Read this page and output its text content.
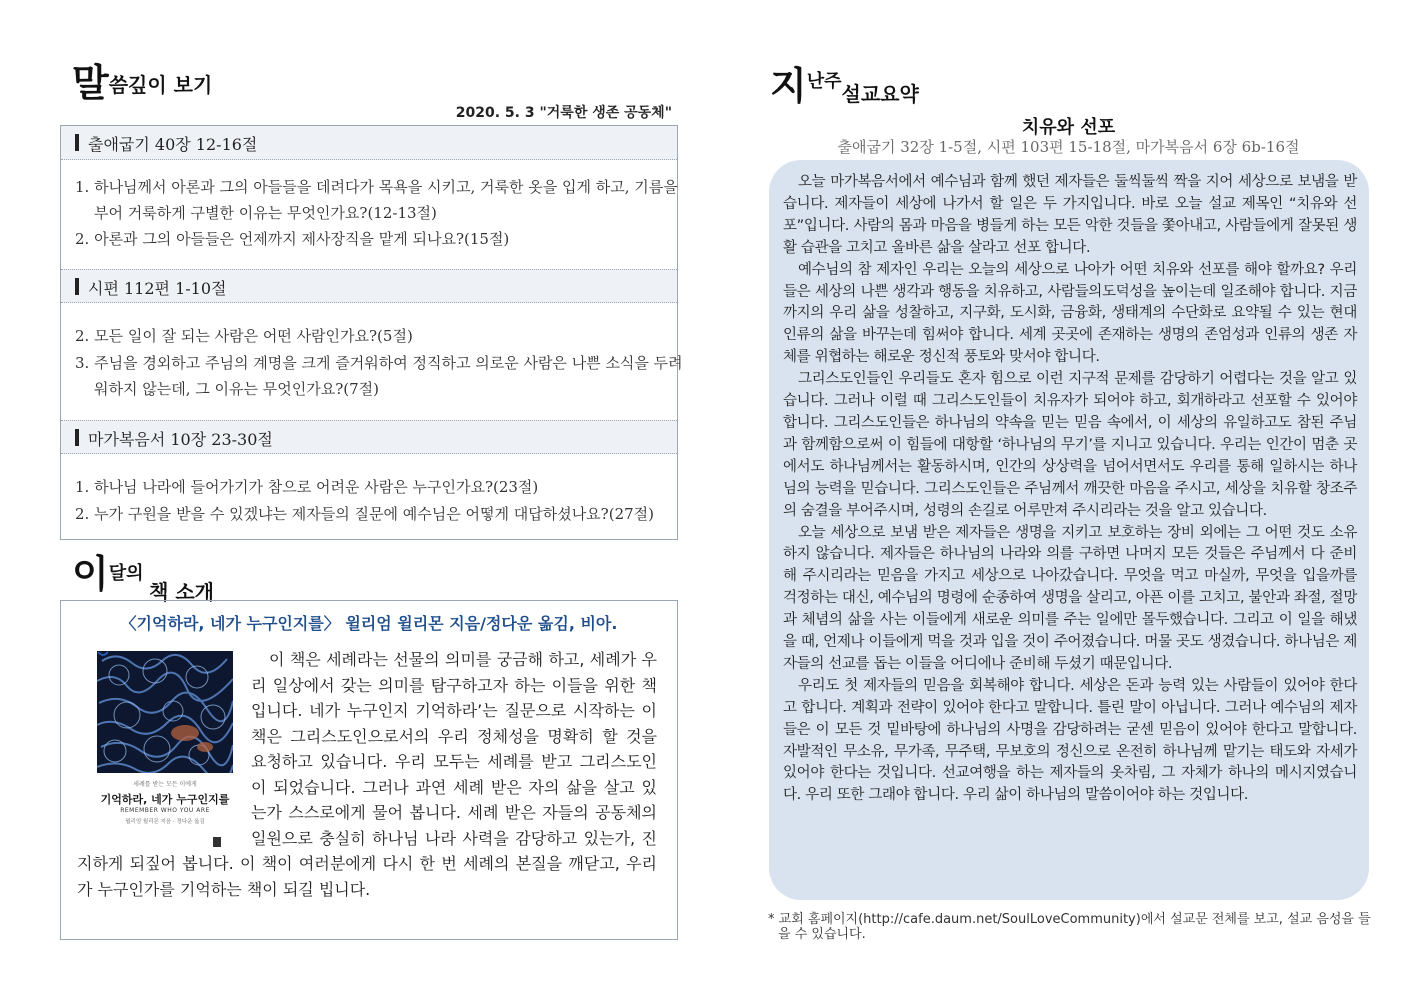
말씀깊이 보기
2020. 5. 3 "거룩한 생존 공동체"
출애굽기 40장 12-16절
1. 하나님께서 아론과 그의 아들들을 데려다가 목욕을 시키고, 거룩한 옷을 입게 하고, 기름을 부어 거룩하게 구별한 이유는 무엇인가요?(12-13절)
2. 아론과 그의 아들들은 언제까지 제사장직을 맡게 되나요?(15절)
시편 112편 1-10절
2. 모든 일이 잘 되는 사람은 어떤 사람인가요?(5절)
3. 주님을 경외하고 주님의 계명을 크게 즐거워하여 정직하고 의로운 사람은 나쁜 소식을 두려워하지 않는데, 그 이유는 무엇인가요?(7절)
마가복음서 10장 23-30절
1. 하나님 나라에 들어가기가 참으로 어려운 사람은 누구인가요?(23절)
2. 누가 구원을 받을 수 있겠냐는 제자들의 질문에 예수님은 어떻게 대답하셨나요?(27절)
이달의 책 소개
〈기억하라, 네가 누구인지를〉 윌리엄 윌리몬 지음/정다운 옮김, 비아.
세례를 받는 모든 이에게
기억하라, 네가 누구인지를
REMEMBER WHO YOU ARE
윌리엄 윌리몬 지음 · 정다운 옮김
이 책은 세례라는 선물의 의미를 궁금해 하고, 세례가 우리 일상에서 갖는 의미를 탐구하고자 하는 이들을 위한 책입니다. 네가 누구인지 기억하라’는 질문으로 시작하는 이 책은 그리스도인으로서의 우리 정체성을 명확히 할 것을 요청하고 있습니다. 우리 모두는 세례를 받고 그리스도인이 되었습니다. 그러나 과연 세례 받은 자의 삶을 살고 있는가 스스로에게 물어 봅니다. 세례 받은 자들의 공동체의 일원으로 충실히 하나님 나라 사력을 감당하고 있는가, 진지하게 되짚어 봅니다. 이 책이 여러분에게 다시 한 번 세례의 본질을 깨닫고, 우리가 누구인가를 기억하는 책이 되길 빕니다.
지난주설교요약
치유와 선포
출애굽기 32장 1-5절, 시편 103편 15-18절, 마가복음서 6장 6b-16절

오늘 마가복음서에서 예수님과 함께 했던 제자들은 둘씩둘씩 짝을 지어 세상으로 보냄을 받습니다. 제자들이 세상에 나가서 할 일은 두 가지입니다. 바로 오늘 설교 제목인 “치유와 선포”입니다. 사람의 몸과 마음을 병들게 하는 모든 악한 것들을 쫓아내고, 사람들에게 잘못된 생활 습관을 고치고 올바른 삶을 살라고 선포 합니다.

예수님의 참 제자인 우리는 오늘의 세상으로 나아가 어떤 치유와 선포를 해야 할까요? 우리들은 세상의 나쁜 생각과 행동을 치유하고, 사람들의도덕성을 높이는데 일조해야 합니다. 지금까지의 우리 삶을 성찰하고, 지구화, 도시화, 금융화, 생태계의 수단화로 요약될 수 있는 현대 인류의 삶을 바꾸는데 힘써야 합니다. 세계 곳곳에 존재하는 생명의 존엄성과 인류의 생존 자체를 위협하는 해로운 정신적 풍토와 맞서야 합니다.

그리스도인들인 우리들도 혼자 힘으로 이런 지구적 문제를 감당하기 어렵다는 것을 알고 있습니다. 그러나 이럴 때 그리스도인들이 치유자가 되어야 하고, 회개하라고 선포할 수 있어야 합니다. 그리스도인들은 하나님의 약속을 믿는 믿음 속에서, 이 세상의 유일하고도 참된 주님과 함께함으로써 이 힘들에 대항할 ‘하나님의 무기’를 지니고 있습니다. 우리는 인간이 멈춘 곳에서도 하나님께서는 활동하시며, 인간의 상상력을 넘어서면서도 우리를 통해 일하시는 하나님의 능력을 믿습니다. 그리스도인들은 주님께서 깨끗한 마음을 주시고, 세상을 치유할 창조주의 숨결을 부어주시며, 성령의 손길로 어루만져 주시리라는 것을 알고 있습니다.

오늘 세상으로 보냄 받은 제자들은 생명을 지키고 보호하는 장비 외에는 그 어떤 것도 소유하지 않습니다. 제자들은 하나님의 나라와 의를 구하면 나머지 모든 것들은 주님께서 다 준비해 주시리라는 믿음을 가지고 세상으로 나아갔습니다. 무엇을 먹고 마실까, 무엇을 입을까를 걱정하는 대신, 예수님의 명령에 순종하여 생명을 살리고, 아픈 이를 고치고, 불안과 좌절, 절망과 체념의 삶을 사는 이들에게 새로운 의미를 주는 일에만 몰두했습니다. 그리고 이 일을 해냈을 때, 언제나 이들에게 먹을 것과 입을 것이 주어졌습니다. 머물 곳도 생겼습니다. 하나님은 제자들의 선교를 돕는 이들을 어디에나 준비해 두셨기 때문입니다.

우리도 첫 제자들의 믿음을 회복해야 합니다. 세상은 돈과 능력 있는 사람들이 있어야 한다고 합니다. 계획과 전략이 있어야 한다고 말합니다. 틀린 말이 아닙니다. 그러나 예수님의 제자들은 이 모든 것 밑바탕에 하나님의 사명을 감당하려는 굳센 믿음이 있어야 한다고 말합니다. 자발적인 무소유, 무가족, 무주택, 무보호의 정신으로 온전히 하나님께 맡기는 태도와 자세가 있어야 한다는 것입니다. 선교여행을 하는 제자들의 옷차림, 그 자체가 하나의 메시지였습니다. 우리 또한 그래야 합니다. 우리 삶이 하나님의 말씀이어야 하는 것입니다.

* 교회 홈페이지(http://cafe.daum.net/SoulLoveCommunity)에서 설교문 전체를 보고, 설교 음성을 들을 수 있습니다.
